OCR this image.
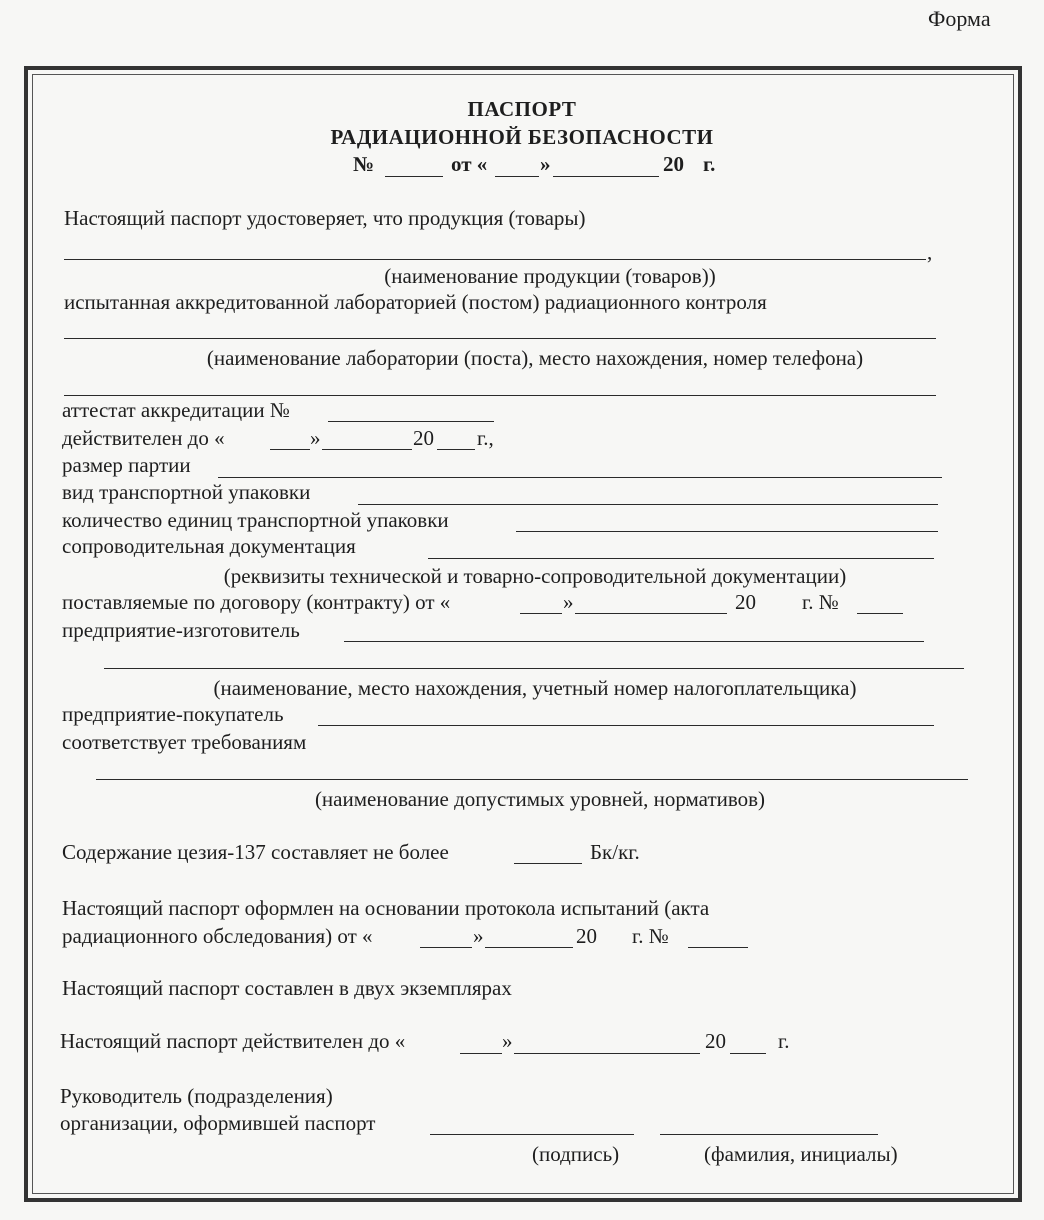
Форма
ПАСПОРТ
РАДИАЦИОННОЙ БЕЗОПАСНОСТИ
№	от «	»	20 г.
Настоящий паспорт удостоверяет, что продукция (товары)
,
(наименование продукции (товаров))
испытанная аккредитованной лабораторией (постом) радиационного контроля
(наименование лаборатории (поста), место нахождения, номер телефона)
аттестат аккредитации №
действителен до «	»	20 г.,
размер партии
вид транспортной упаковки
количество единиц транспортной упаковки
сопроводительная документация
(реквизиты технической и товарно-сопроводительной документации)
поставляемые по договору (контракту) от «	»	20 г. №
предприятие-изготовитель
(наименование, место нахождения, учетный номер налогоплательщика)
предприятие-покупатель
соответствует требованиям
(наименование допустимых уровней, нормативов)
Содержание цезия-137 составляет не более	Бк/кг.
Настоящий паспорт оформлен на основании протокола испытаний (акта
радиационного обследования) от «	»	20 г. №
Настоящий паспорт составлен в двух экземплярах
Настоящий паспорт действителен до «	»	20 г.
Руководитель (подразделения)
организации, оформившей паспорт
(подпись)	(фамилия, инициалы)
